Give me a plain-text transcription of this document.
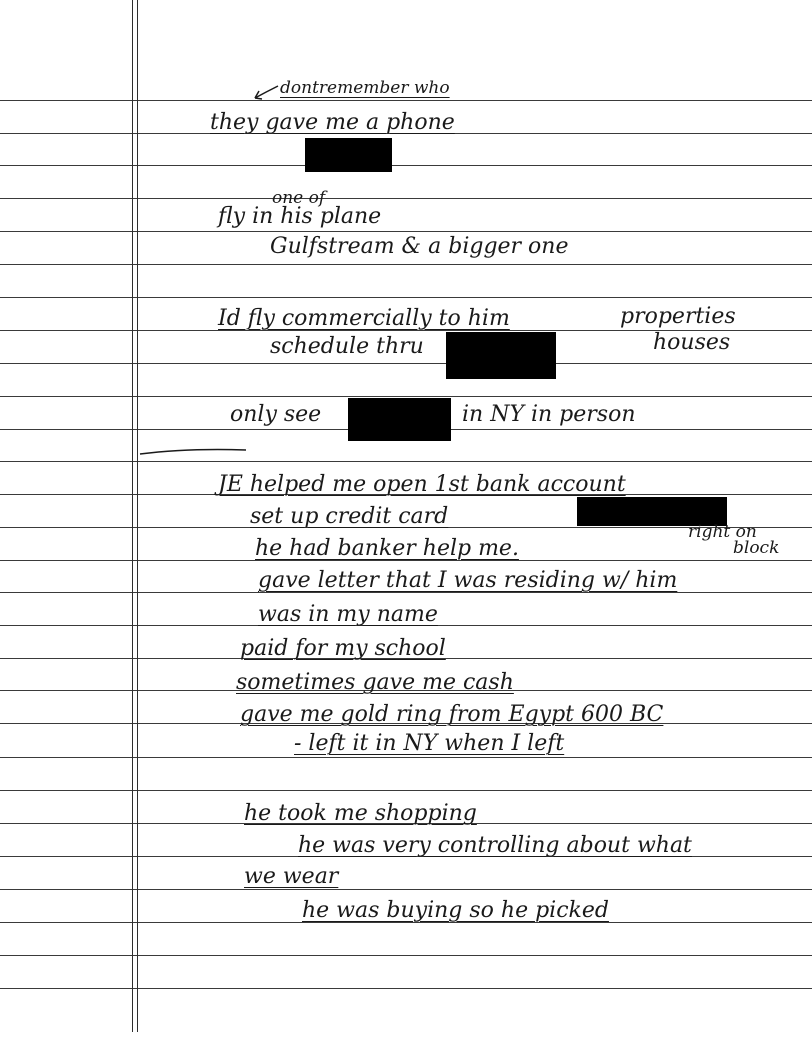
dontremember who
they gave me a phone
one of
fly in his plane
Gulfstream & a bigger one
Id fly commercially to him	properties
schedule thru	houses
only see	in NY in person
JE helped me open 1st bank account
set up credit card
right on
block
he had banker help me.
gave letter that I was residing w/ him
was in my name
paid for my school
sometimes gave me cash
gave me gold ring from Egypt 600 BC
- left it in NY when I left
he took me shopping
he was very controlling about what
we wear
he was buying so he picked
